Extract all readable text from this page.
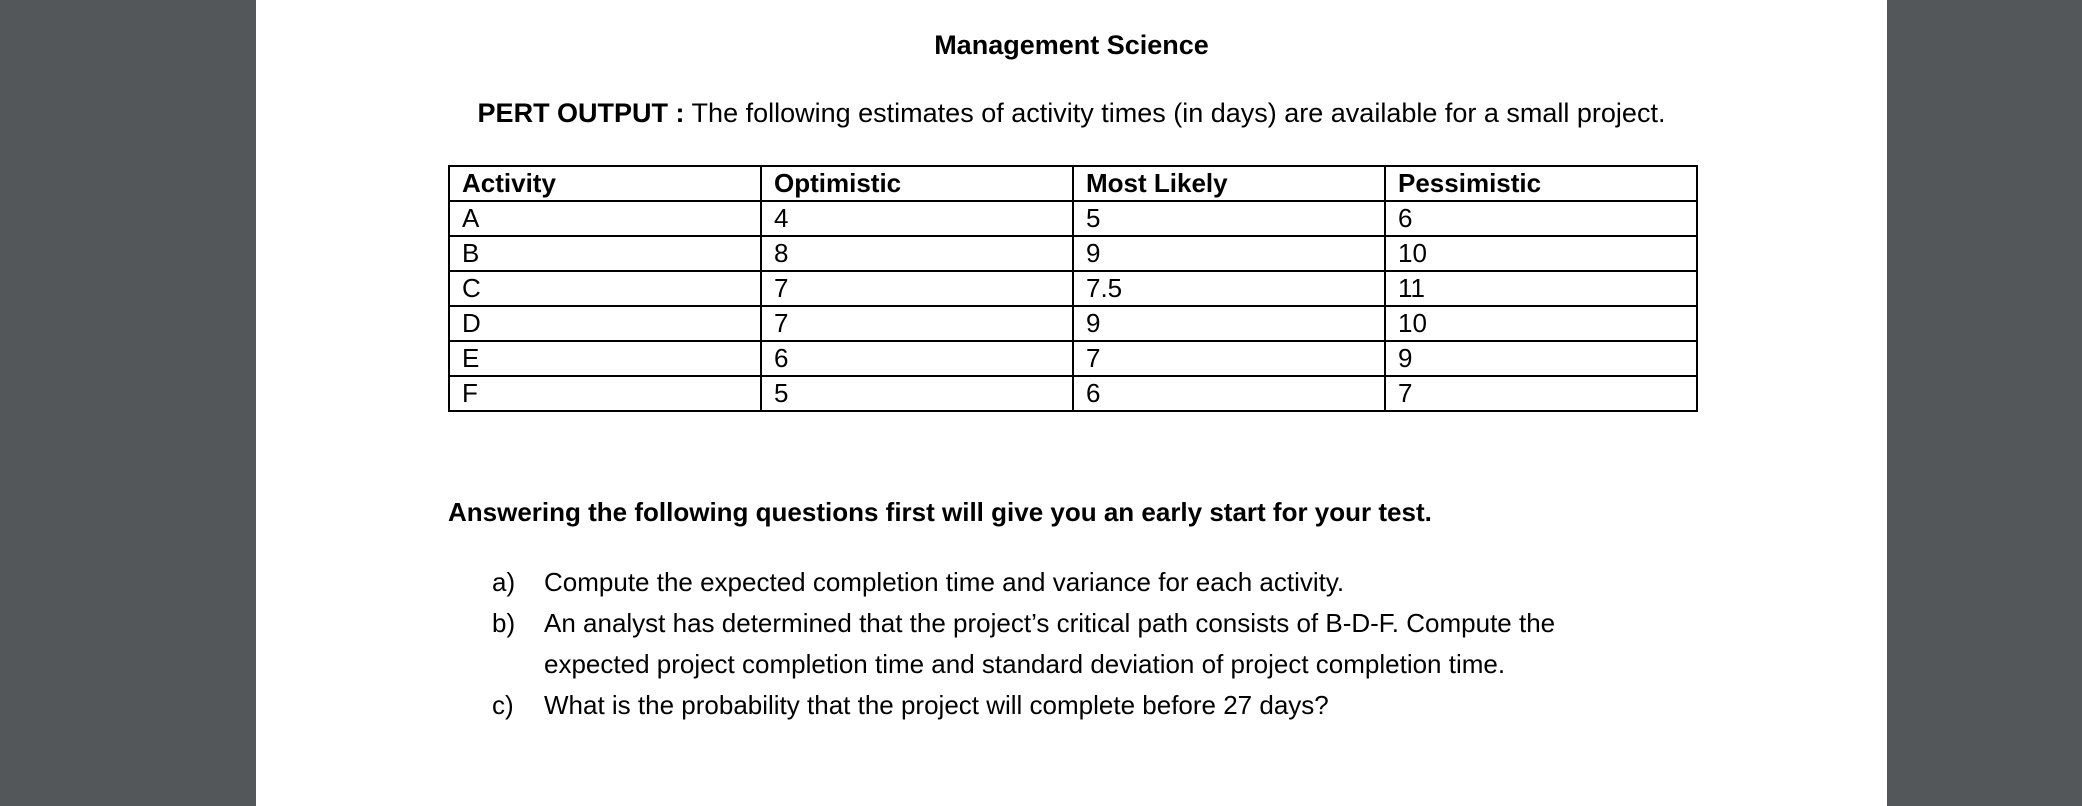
Management Science
PERT OUTPUT : The following estimates of activity times (in days) are available for a small project.
Activity	Optimistic	Most Likely	Pessimistic
A	4	5	6
B	8	9	10
C	7	7.5	11
D	7	9	10
E	6	7	9
F	5	6	7
Answering the following questions first will give you an early start for your test.
a) Compute the expected completion time and variance for each activity.
b) An analyst has determined that the project’s critical path consists of B-D-F. Compute the
expected project completion time and standard deviation of project completion time.
c) What is the probability that the project will complete before 27 days?
